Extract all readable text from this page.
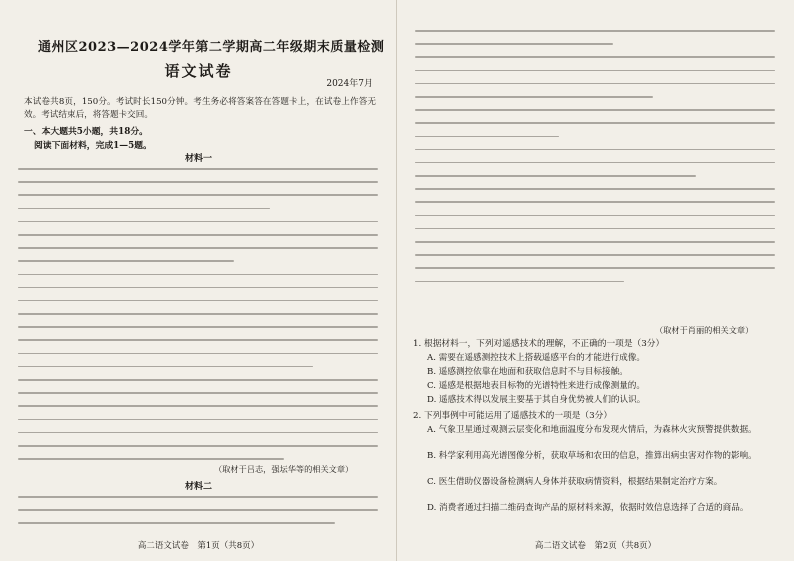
通州区2023—2024学年第二学期高二年级期末质量检测
语文试卷
2024年7月
本试卷共8页，150分。考试时长150分钟。考生务必将答案答在答题卡上，在试卷上作答无效。考试结束后，将答题卡交回。
一、本大题共5小题，共18分。
阅读下面材料，完成1—5题。
材料一
（取材于吕志，强坛华等的相关文章）
材料二
高二语文试卷　第1页（共8页）
（取材于肖丽的相关文章）
1. 根据材料一，下列对遥感技术的理解，不正确的一项是（3分）
A. 需要在遥感测控技术上搭载遥感平台的才能进行成像。
B. 遥感测控依靠在地面和获取信息时不与目标接触。
C. 遥感是根据地表目标物的光谱特性来进行成像测量的。
D. 遥感技术得以发展主要基于其自身优势被人们的认识。
2. 下列事例中可能运用了遥感技术的一项是（3分）
A. 气象卫星通过观测云层变化和地面温度分布发现火情后，为森林火灾预警提供数据。
B. 科学家利用高光谱图像分析，获取草场和农田的信息，推算出病虫害对作物的影响。
C. 医生借助仪器设备检测病人身体并获取病情资料，根据结果制定治疗方案。
D. 消费者通过扫描二维码查询产品的原材料来源，依据时效信息选择了合适的商品。
高二语文试卷　第2页（共8页）
